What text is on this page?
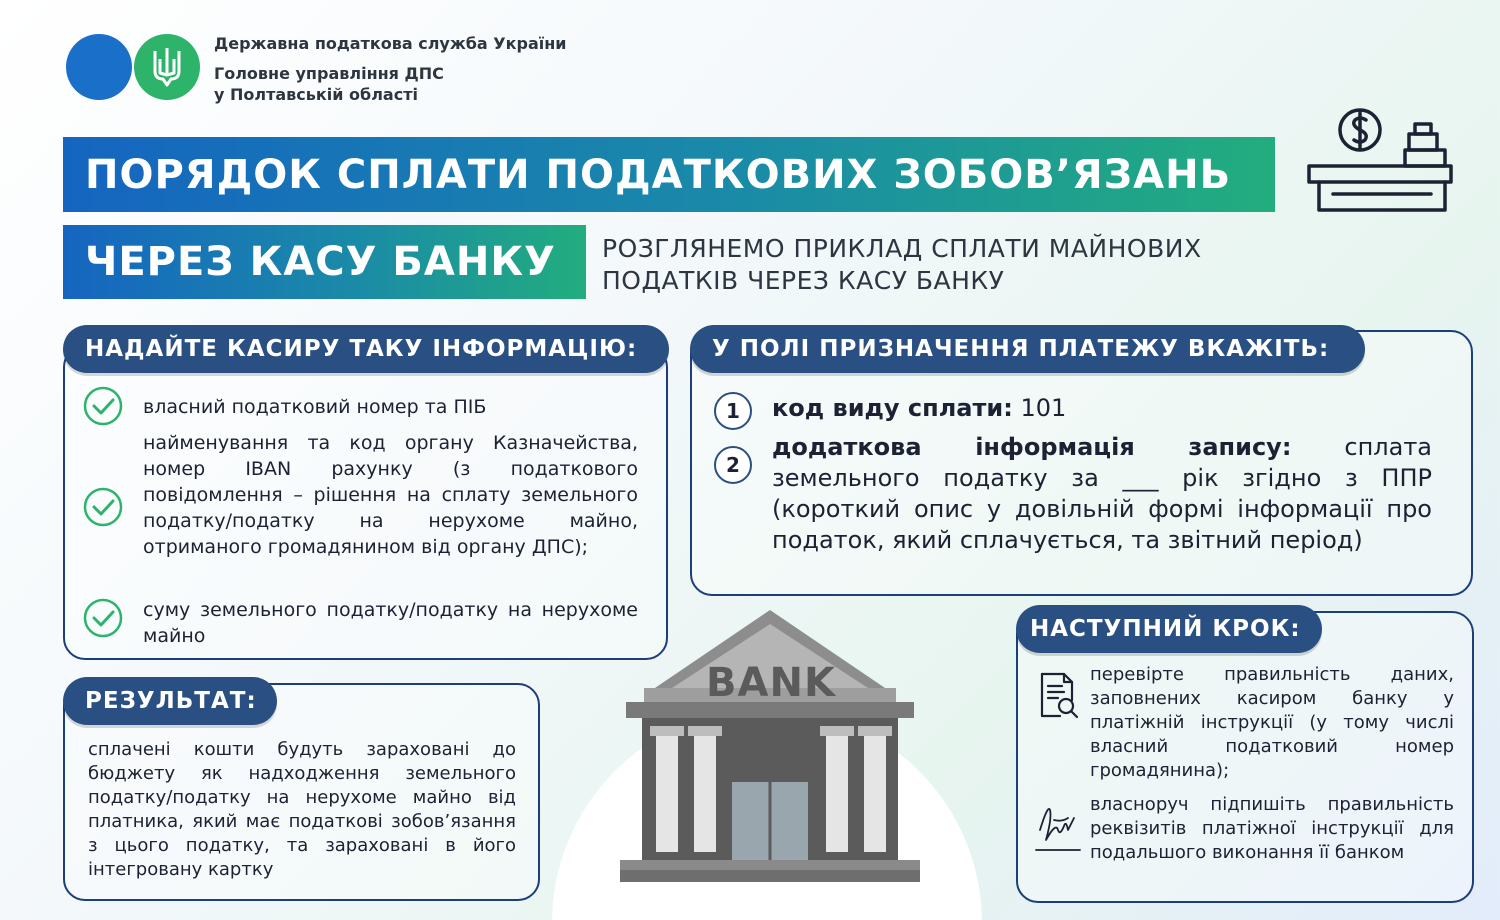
Державна податкова служба України
Головне управління ДПС
у Полтавській області
ПОРЯДОК СПЛАТИ ПОДАТКОВИХ ЗОБОВ’ЯЗАНЬ
ЧЕРЕЗ КАСУ БАНКУ	РОЗГЛЯНЕМО ПРИКЛАД СПЛАТИ МАЙНОВИХ
ПОДАТКІВ ЧЕРЕЗ КАСУ БАНКУ
НАДАЙТЕ КАСИРУ ТАКУ ІНФОРМАЦІЮ:
власний податковий номер та ПІБ
найменування та код органу Казначейства, номер IBAN рахунку (з податкового повідомлення – рішення на сплату земельного податку/податку на нерухоме майно, отриманого громадянином від органу ДПС);
суму земельного податку/податку на нерухоме майно
У ПОЛІ ПРИЗНАЧЕННЯ ПЛАТЕЖУ ВКАЖІТЬ:
1	код виду сплати: 101
2
додаткова інформація запису: сплата земельного податку за ___ рік згідно з ППР (короткий опис у довільній формі інформації про податок, який сплачується, та звітний період)
РЕЗУЛЬТАТ:
сплачені кошти будуть зараховані до бюджету як надходження земельного податку/податку на нерухоме майно від платника, який має податкові зобов’язання з цього податку, та зараховані в його інтегровану картку
BANK
НАСТУПНИЙ КРОК:
перевірте правильність даних, заповнених касиром банку у платіжній інструкції (у тому числі власний податковий номер громадянина);
власноруч підпишіть правильність реквізитів платіжної інструкції для подальшого виконання її банком
